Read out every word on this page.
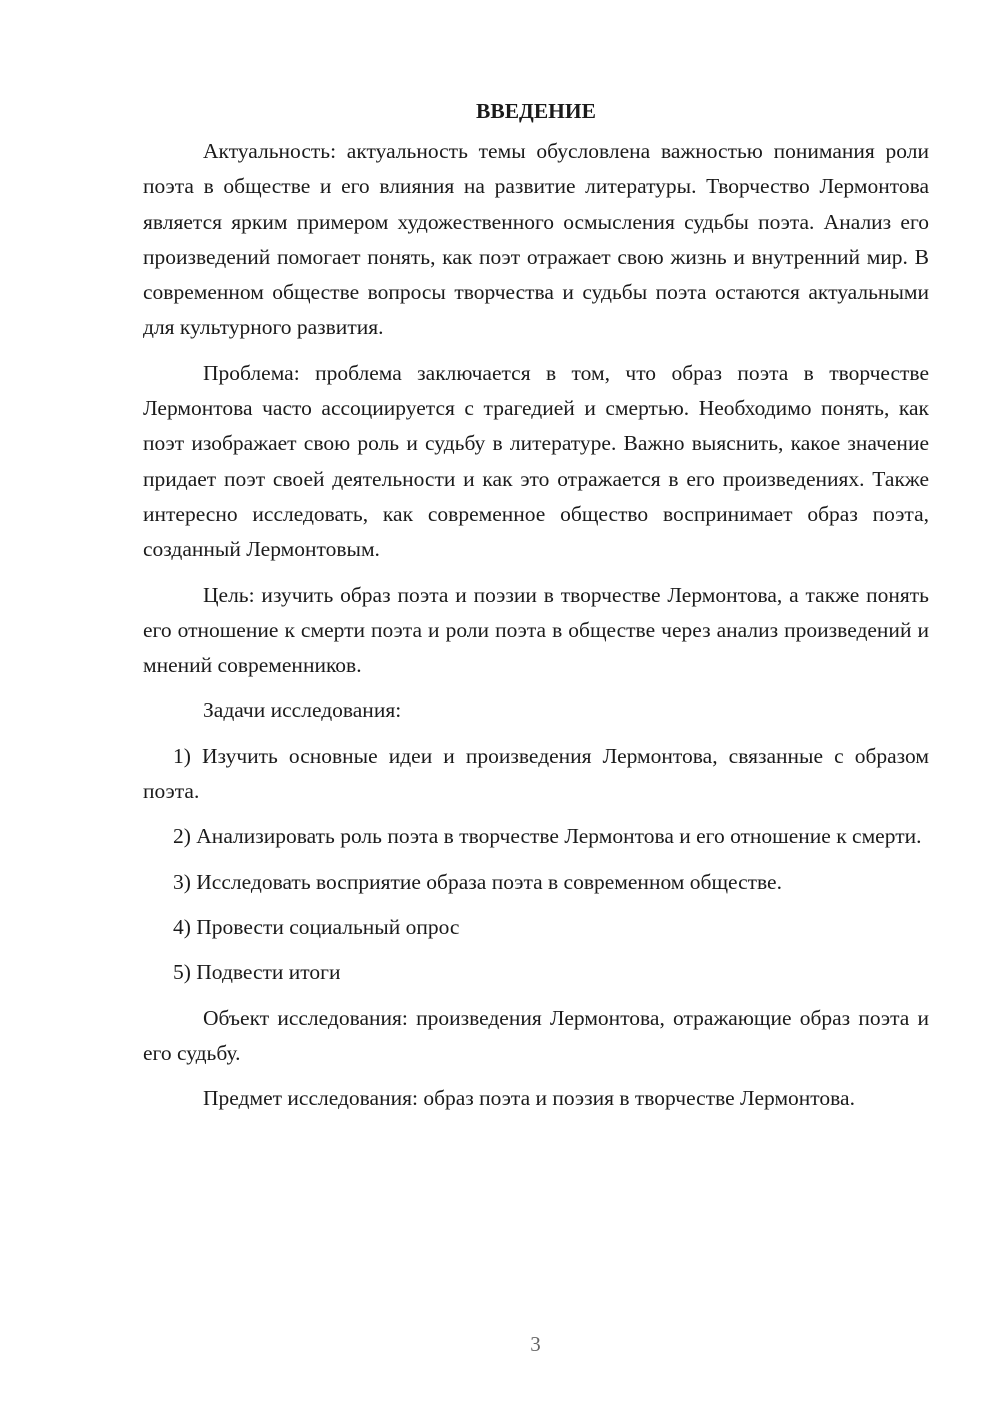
ВВЕДЕНИЕ

Актуальность: актуальность темы обусловлена важностью понимания роли поэта в обществе и его влияния на развитие литературы. Творчество Лермонтова является ярким примером художественного осмысления судьбы поэта. Анализ его произведений помогает понять, как поэт отражает свою жизнь и внутренний мир. В современном обществе вопросы творчества и судьбы поэта остаются актуальными для культурного развития.

Проблема: проблема заключается в том, что образ поэта в творчестве Лермонтова часто ассоциируется с трагедией и смертью. Необходимо понять, как поэт изображает свою роль и судьбу в литературе. Важно выяснить, какое значение придает поэт своей деятельности и как это отражается в его произведениях. Также интересно исследовать, как современное общество воспринимает образ поэта, созданный Лермонтовым.

Цель: изучить образ поэта и поэзии в творчестве Лермонтова, а также понять его отношение к смерти поэта и роли поэта в обществе через анализ произведений и мнений современников.

Задачи исследования:

1) Изучить основные идеи и произведения Лермонтова, связанные с образом поэта.

2) Анализировать роль поэта в творчестве Лермонтова и его отношение к смерти.

3) Исследовать восприятие образа поэта в современном обществе.

4) Провести социальный опрос

5) Подвести итоги

Объект исследования: произведения Лермонтова, отражающие образ поэта и его судьбу.

Предмет исследования: образ поэта и поэзия в творчестве Лермонтова.

3
